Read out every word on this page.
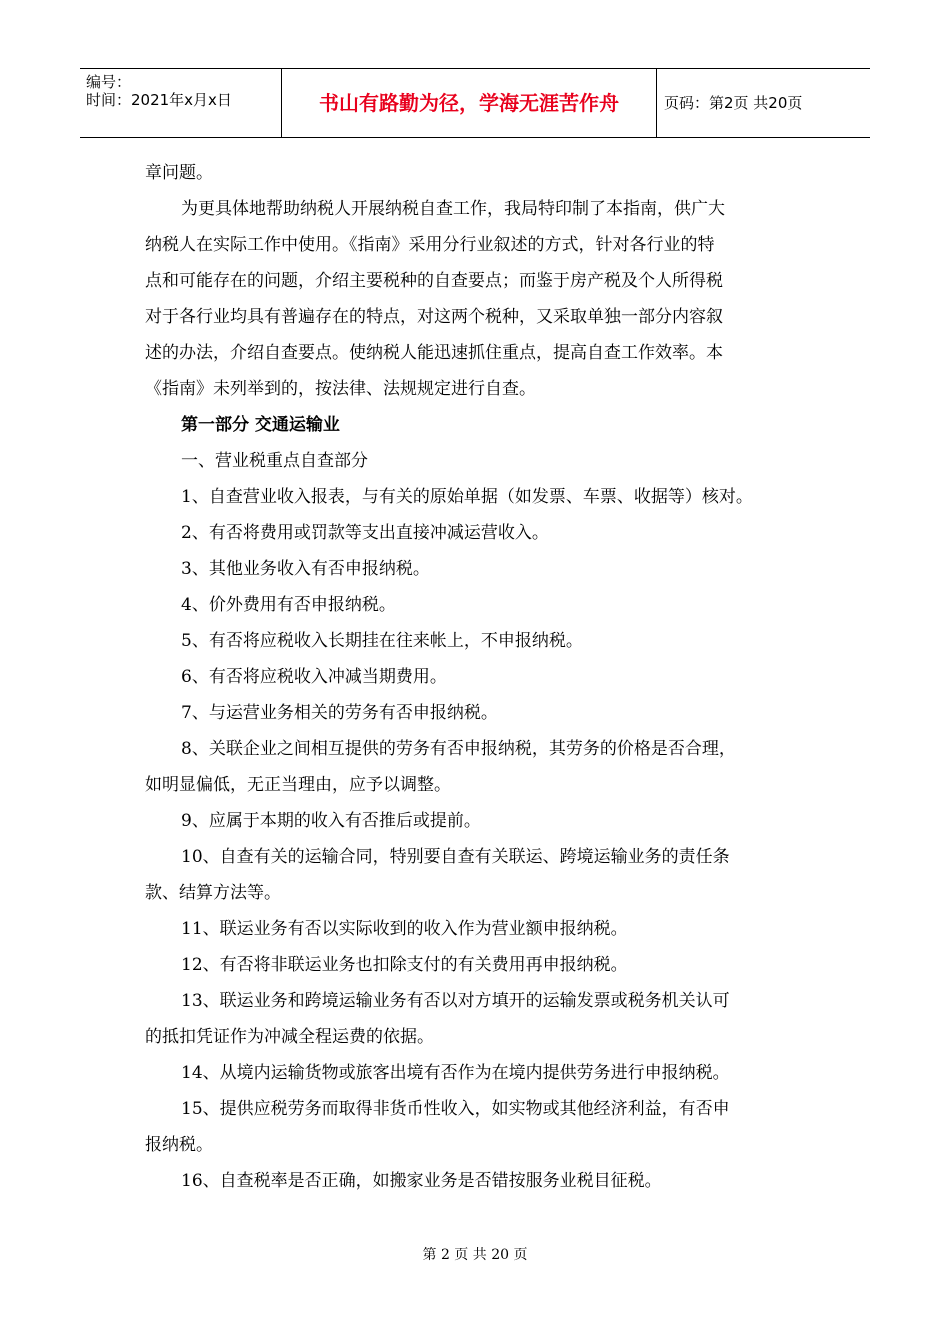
编号：
时间：2021年x月x日	书山有路勤为径，学海无涯苦作舟	页码：第2页 共20页

章问题。

为更具体地帮助纳税人开展纳税自查工作，我局特印制了本指南，供广大

纳税人在实际工作中使用。《指南》采用分行业叙述的方式，针对各行业的特

点和可能存在的问题，介绍主要税种的自查要点；而鉴于房产税及个人所得税

对于各行业均具有普遍存在的特点，对这两个税种，又采取单独一部分内容叙

述的办法，介绍自查要点。使纳税人能迅速抓住重点，提高自查工作效率。本

《指南》未列举到的，按法律、法规规定进行自查。

第一部分 交通运输业

一、营业税重点自查部分

1、自查营业收入报表，与有关的原始单据（如发票、车票、收据等）核对。

2、有否将费用或罚款等支出直接冲减运营收入。

3、其他业务收入有否申报纳税。

4、价外费用有否申报纳税。

5、有否将应税收入长期挂在往来帐上，不申报纳税。

6、有否将应税收入冲减当期费用。

7、与运营业务相关的劳务有否申报纳税。

8、关联企业之间相互提供的劳务有否申报纳税，其劳务的价格是否合理，

如明显偏低，无正当理由，应予以调整。

9、应属于本期的收入有否推后或提前。

10、自查有关的运输合同，特别要自查有关联运、跨境运输业务的责任条

款、结算方法等。

11、联运业务有否以实际收到的收入作为营业额申报纳税。

12、有否将非联运业务也扣除支付的有关费用再申报纳税。

13、联运业务和跨境运输业务有否以对方填开的运输发票或税务机关认可

的抵扣凭证作为冲减全程运费的依据。

14、从境内运输货物或旅客出境有否作为在境内提供劳务进行申报纳税。

15、提供应税劳务而取得非货币性收入，如实物或其他经济利益，有否申

报纳税。

16、自查税率是否正确，如搬家业务是否错按服务业税目征税。

第 2 页 共 20 页
